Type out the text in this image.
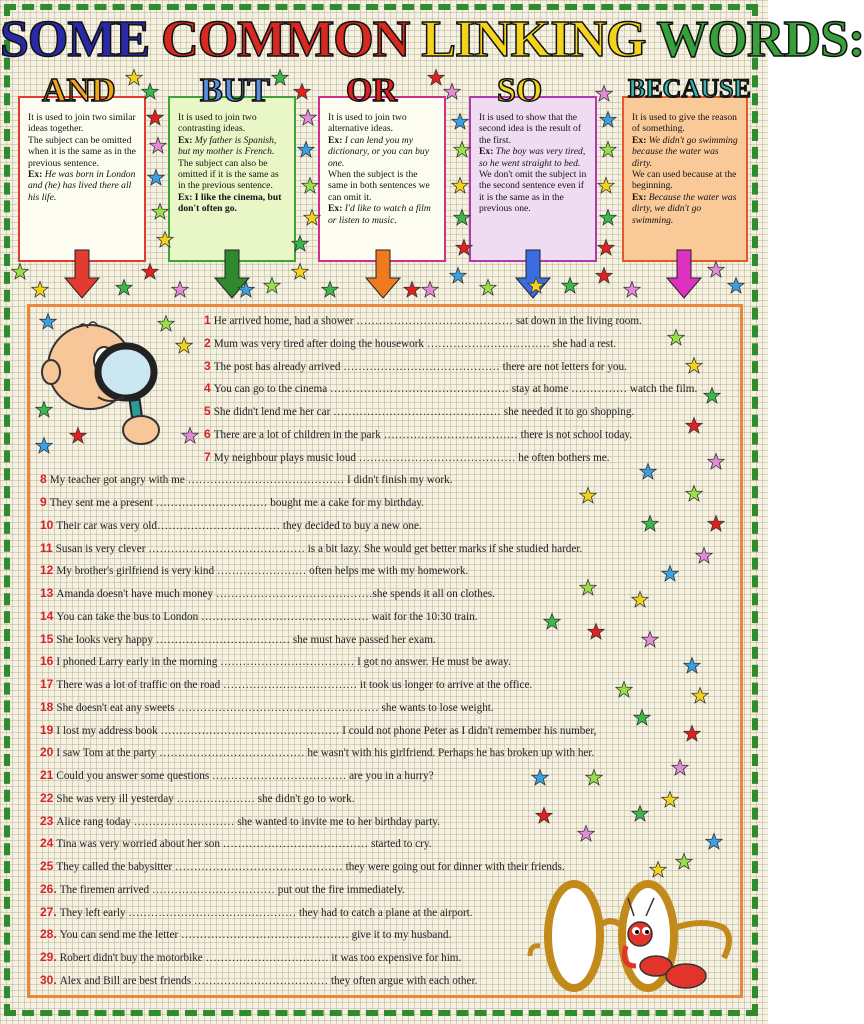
SOME COMMON LINKING WORDS:
AND

It is used to join two similar ideas together.

The subject can be omitted when it is the same as in the previous sentence.

Ex: He was born in London and (he) has lived there all his life.

BUT

It is used to join two contrasting ideas.

Ex: My father is Spanish, but my mother is French. The subject can also be omitted if it is the same as in the previous sentence.

Ex: I like the cinema, but don't often go.

OR

It is used to join two alternative ideas.

Ex: I can lend you my dictionary, or you can buy one.

When the subject is the same in both sentences we can omit it.

Ex: I'd like to watch a film or listen to music.

SO

It is used to show that the second idea is the result of the first.

Ex: The boy was very tired, so he went straight to bed.

We don't omit the subject in the second sentence even if it is the same as in the previous one.

BECAUSE

It is used to give the reason of something.

Ex: We didn't go swimming because the water was dirty.

We can used because at the beginning.

Ex: Because the water was dirty, we didn't go swimming.

1 He arrived home, had a shower …………………………………… sat down in the living room.
2 Mum was very tired after doing the housework …………………………… she had a rest.
3 The post has already arrived …………………………………… there are not letters for you.
4 You can go to the cinema ………………………………………… stay at home …………… watch the film.
5 She didn't lend me her car ……………………………………… she needed it to go shopping.
6 There are a lot of children in the park ……………………………… there is not school today.
7 My neighbour plays music loud …………………………………… he often bothers me.
8 My teacher got angry with me …………………………………… I didn't finish my work.
9 They sent me a present ………………………… bought me a cake for my birthday.
10 Their car was very old…………………………… they decided to buy a new one.
11 Susan is very clever …………………………………… is a bit lazy. She would get better marks if she studied harder.
12 My brother's girlfriend is very kind …………………… often helps me with my homework.
13 Amanda doesn't have much money ……………………………………she spends it all on clothes.
14 You can take the bus to London ……………………………………… wait for the 10:30 train.
15 She looks very happy ……………………………… she must have passed her exam.
16 I phoned Larry early in the morning ……………………………… I got no answer. He must be away.
17 There was a lot of traffic on the road ……………………………… it took us longer to arrive at the office.
18 She doesn't eat any sweets ……………………………………………… she wants to lose weight.
19 I lost my address book ………………………………………… I could not phone Peter as I didn't remember his number,
20 I saw Tom at the party ………………………………… he wasn't with his girlfriend. Perhaps he has broken up with her.
21 Could you answer some questions ……………………………… are you in a hurry?
22 She was very ill yesterday ………………… she didn't go to work.
23 Alice rang today ……………………… she wanted to invite me to her birthday party.
24 Tina was very worried about her son ………………………………… started to cry.
25 They called the babysitter ……………………………………… they were going out for dinner with their friends.
26. The firemen arrived …………………………… put out the fire immediately.
27. They left early ……………………………………… they had to catch a plane at the airport.
28. You can send me the letter ……………………………………… give it to my husband.
29. Robert didn't buy the motorbike …………………………… it was too expensive for him.
30. Alex and Bill are best friends ……………………………… they often argue with each other.
